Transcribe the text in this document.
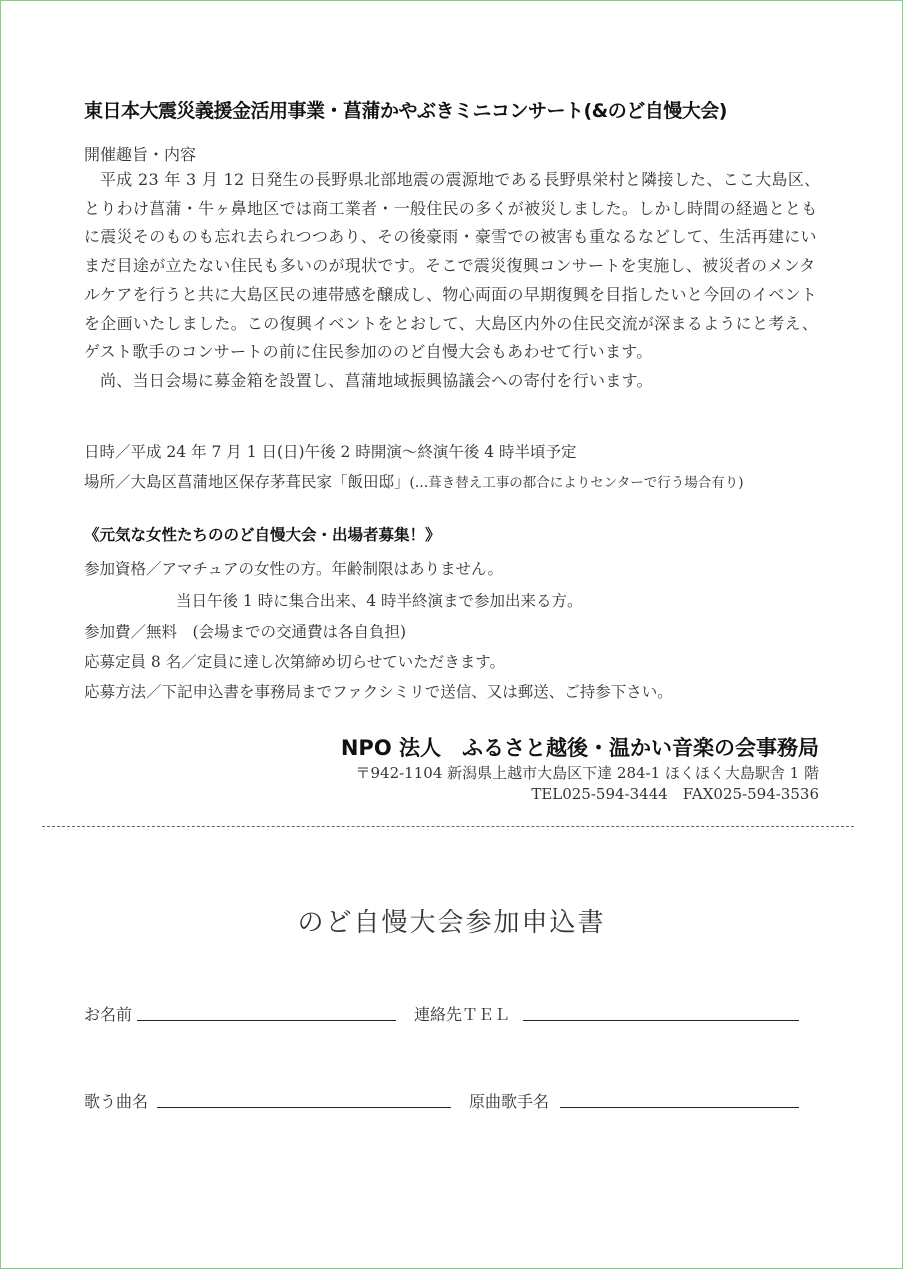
東日本大震災義援金活用事業・菖蒲かやぶきミニコンサート(&のど自慢大会)
開催趣旨・内容

平成 23 年 3 月 12 日発生の長野県北部地震の震源地である長野県栄村と隣接した、ここ大島区、とりわけ菖蒲・牛ヶ鼻地区では商工業者・一般住民の多くが被災しました。しかし時間の経過とともに震災そのものも忘れ去られつつあり、その後豪雨・豪雪での被害も重なるなどして、生活再建にいまだ目途が立たない住民も多いのが現状です。そこで震災復興コンサートを実施し、被災者のメンタルケアを行うと共に大島区民の連帯感を醸成し、物心両面の早期復興を目指したいと今回のイベントを企画いたしました。この復興イベントをとおして、大島区内外の住民交流が深まるようにと考え、ゲスト歌手のコンサートの前に住民参加ののど自慢大会もあわせて行います。

尚、当日会場に募金箱を設置し、菖蒲地域振興協議会への寄付を行います。

日時／平成 24 年 7 月 1 日(日)午後 2 時開演～終演午後 4 時半頃予定
場所／大島区菖蒲地区保存茅葺民家「飯田邸」(…葺き替え工事の都合によりセンターで行う場合有り)
《元気な女性たちののど自慢大会・出場者募集！》
参加資格／アマチュアの女性の方。年齢制限はありません。
当日午後 1 時に集合出来、4 時半終演まで参加出来る方。
参加費／無料　(会場までの交通費は各自負担)
応募定員 8 名／定員に達し次第締め切らせていただきます。
応募方法／下記申込書を事務局までファクシミリで送信、又は郵送、ご持参下さい。
NPO 法人　ふるさと越後・温かい音楽の会事務局
〒942-1104 新潟県上越市大島区下達 284-1 ほくほく大島駅舎 1 階
TEL025-594-3444　FAX025-594-3536
のど自慢大会参加申込書
お名前	連絡先ＴＥＬ
歌う曲名	原曲歌手名
